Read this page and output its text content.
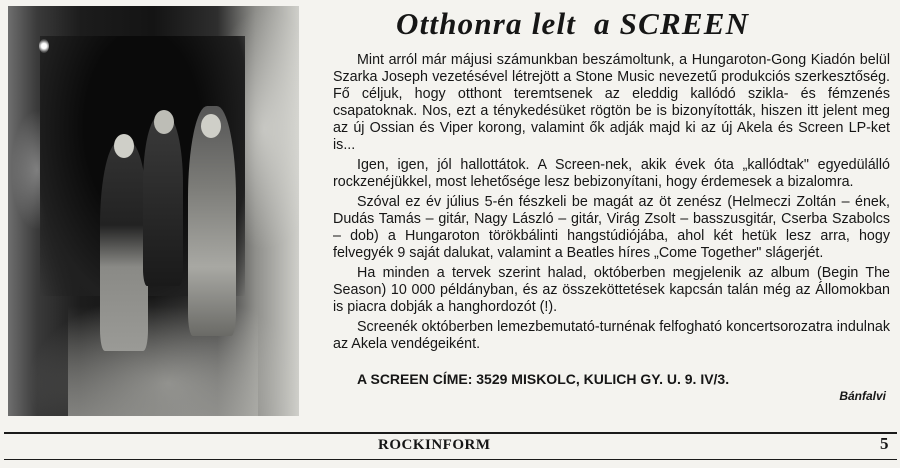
Otthonra lelt  a SCREEN

Mint arról már májusi számunkban beszámoltunk, a Hungaroton-Gong Kiadón belül Szarka Joseph vezetésével létrejött a Stone Music nevezetű produkciós szerkesztőség. Fő céljuk, hogy otthont teremtsenek az eleddig kallódó szikla- és fémzenés csapatoknak. Nos, ezt a ténykedésüket rögtön be is bizonyították, hiszen itt jelent meg az új Ossian és Viper korong, valamint ők adják majd ki az új Akela és Screen LP-ket is...

Igen, igen, jól hallottátok. A Screen-nek, akik évek óta „kallódtak" egyedülálló rockzenéjükkel, most lehetősége lesz bebizonyítani, hogy érdemesek a bizalomra.

Szóval ez év július 5-én fészkeli be magát az öt zenész (Helmeczi Zoltán – ének, Dudás Tamás – gitár, Nagy László – gitár, Virág Zsolt – basszusgitár, Cserba Szabolcs – dob) a Hungaroton törökbálinti hangstúdiójába, ahol két hetük lesz arra, hogy felvegyék 9 saját dalukat, valamint a Beatles híres „Come Together" slágerjét.

Ha minden a tervek szerint halad, októberben megjelenik az album (Begin The Season) 10 000 példányban, és az összeköttetések kapcsán talán még az Állomokban is piacra dobják a hanghordozót (!).

Screenék októberben lemezbemutató-turnénak felfogható koncertsorozatra indulnak az Akela vendégeiként.

A SCREEN CÍME: 3529 MISKOLC, KULICH GY. U. 9. IV/3.

Bánfalvi
ROCKINFORM	5
